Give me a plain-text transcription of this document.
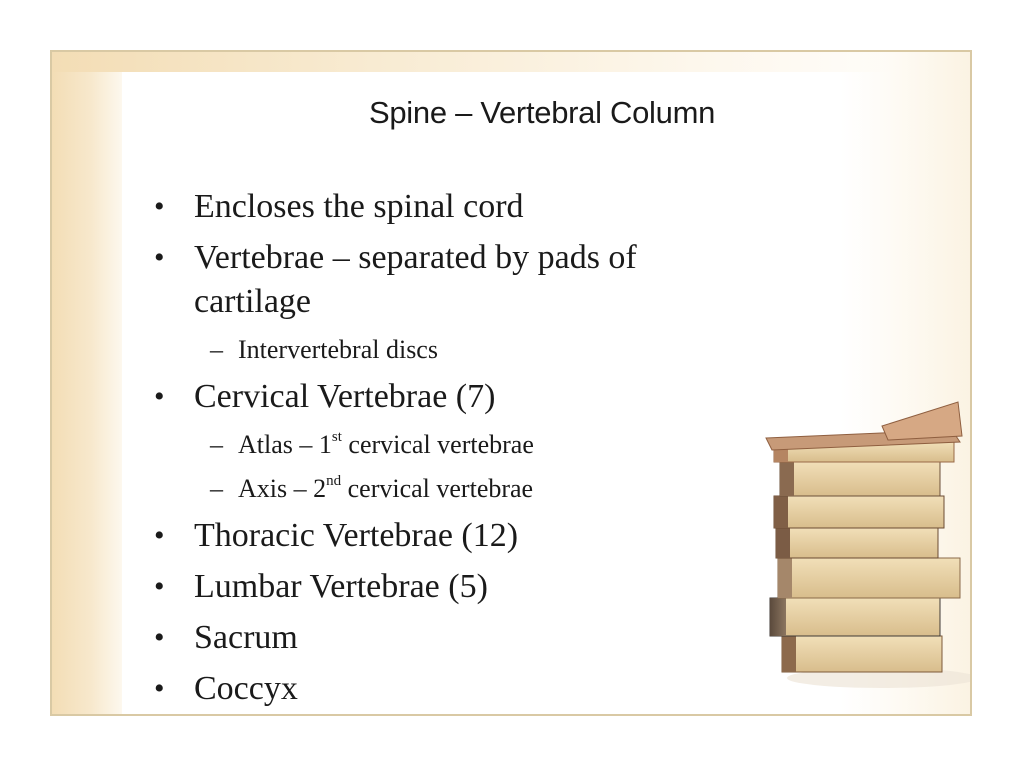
Spine – Vertebral Column
• Encloses the spinal cord
• Vertebrae – separated by pads of cartilage
– Intervertebral discs
• Cervical Vertebrae (7)
– Atlas – 1st cervical vertebrae
– Axis – 2nd cervical vertebrae
• Thoracic Vertebrae (12)
• Lumbar Vertebrae (5)
• Sacrum
• Coccyx
